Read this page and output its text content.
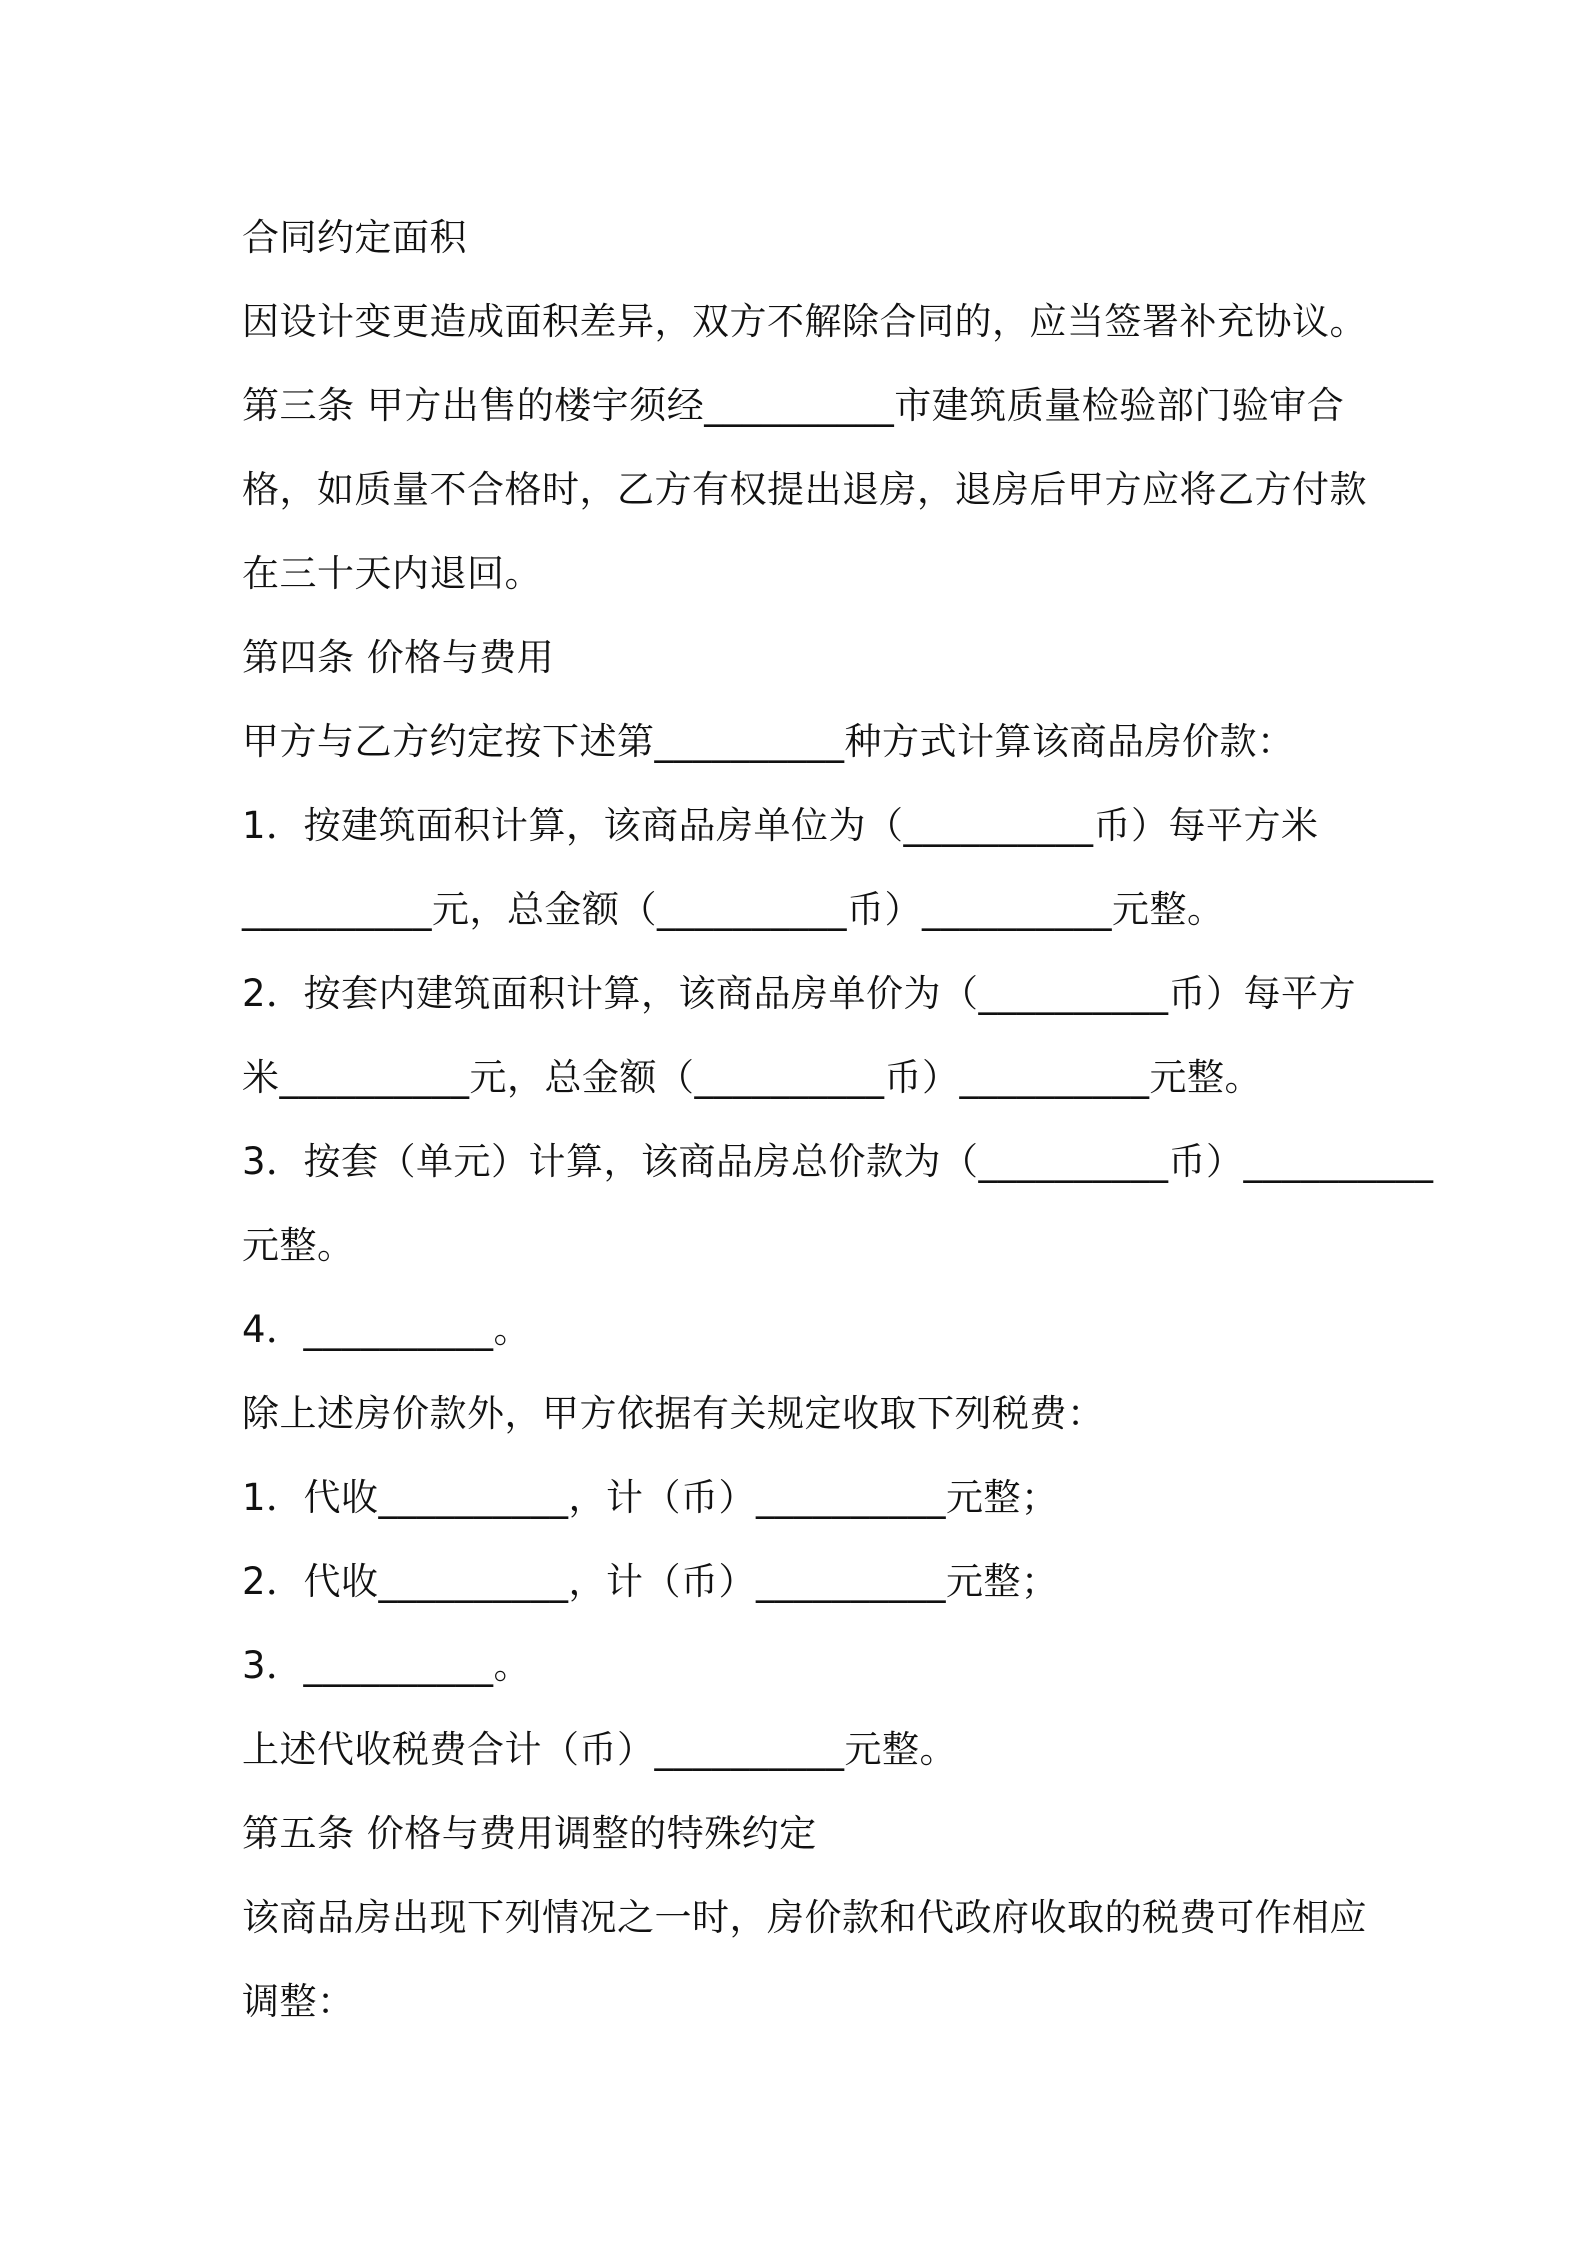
合同约定面积
因设计变更造成面积差异，双方不解除合同的，应当签署补充协议。
第三条 甲方出售的楼宇须经__________市建筑质量检验部门验审合
格，如质量不合格时，乙方有权提出退房，退房后甲方应将乙方付款
在三十天内退回。
第四条 价格与费用
甲方与乙方约定按下述第__________种方式计算该商品房价款：
1．按建筑面积计算，该商品房单位为（__________币）每平方米
__________元，总金额（__________币）__________元整。
2．按套内建筑面积计算，该商品房单价为（__________币）每平方
米__________元，总金额（__________币）__________元整。
3．按套（单元）计算，该商品房总价款为（__________币）__________
元整。
4．__________。
除上述房价款外，甲方依据有关规定收取下列税费：
1．代收__________，计（币）__________元整；
2．代收__________，计（币）__________元整；
3．__________。
上述代收税费合计（币）__________元整。
第五条 价格与费用调整的特殊约定
该商品房出现下列情况之一时，房价款和代政府收取的税费可作相应
调整：
